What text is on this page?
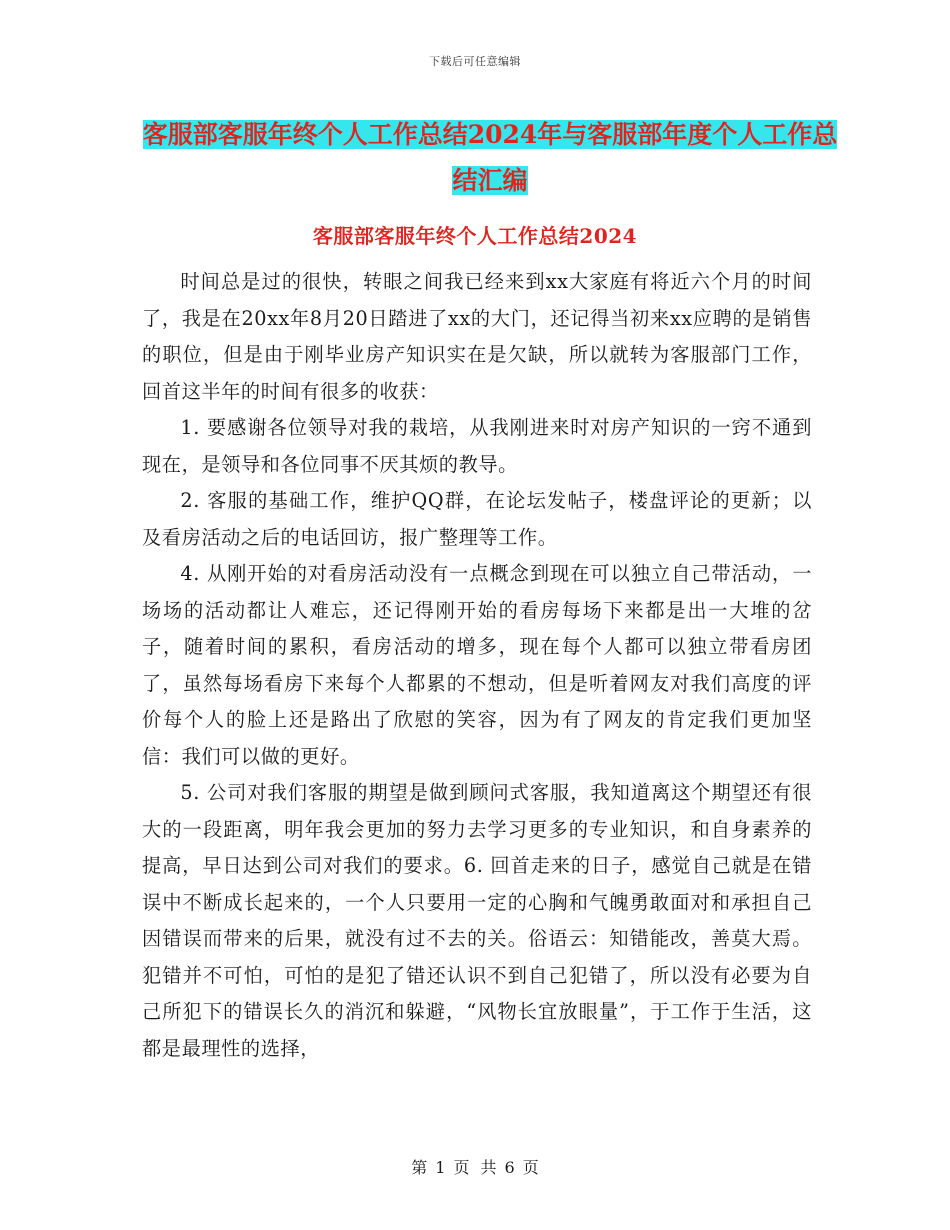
下载后可任意编辑
客服部客服年终个人工作总结2024年与客服部年度个人工作总结汇编
客服部客服年终个人工作总结2024

时间总是过的很快，转眼之间我已经来到xx大家庭有将近六个月的时间了，我是在20xx年8月20日踏进了xx的大门，还记得当初来xx应聘的是销售的职位，但是由于刚毕业房产知识实在是欠缺，所以就转为客服部门工作，回首这半年的时间有很多的收获：

1. 要感谢各位领导对我的栽培，从我刚进来时对房产知识的一窍不通到现在，是领导和各位同事不厌其烦的教导。

2. 客服的基础工作，维护QQ群，在论坛发帖子，楼盘评论的更新；以及看房活动之后的电话回访，报广整理等工作。

4. 从刚开始的对看房活动没有一点概念到现在可以独立自己带活动，一场场的活动都让人难忘，还记得刚开始的看房每场下来都是出一大堆的岔子，随着时间的累积，看房活动的增多，现在每个人都可以独立带看房团了，虽然每场看房下来每个人都累的不想动，但是听着网友对我们高度的评价每个人的脸上还是路出了欣慰的笑容，因为有了网友的肯定我们更加坚信：我们可以做的更好。

5. 公司对我们客服的期望是做到顾问式客服，我知道离这个期望还有很大的一段距离，明年我会更加的努力去学习更多的专业知识，和自身素养的提高，早日达到公司对我们的要求。6. 回首走来的日子，感觉自己就是在错误中不断成长起来的，一个人只要用一定的心胸和气魄勇敢面对和承担自己因错误而带来的后果，就没有过不去的关。俗语云：知错能改，善莫大焉。犯错并不可怕，可怕的是犯了错还认识不到自己犯错了，所以没有必要为自己所犯下的错误长久的消沉和躲避，“风物长宜放眼量”，于工作于生活，这都是最理性的选择，

第 1 页 共 6 页
